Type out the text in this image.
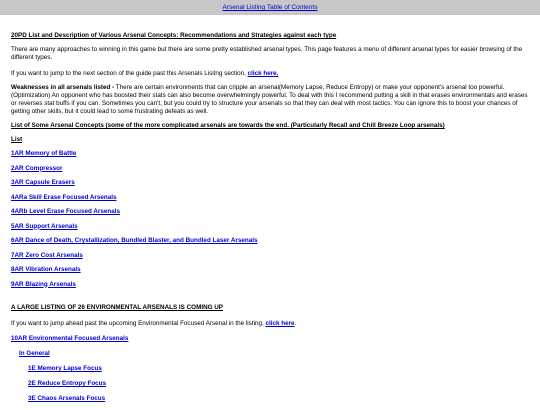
Arsenal Listing Table of Contents
20PD List and Description of Various Arsenal Concepts: Recommendations and Strategies against each type
There are many approaches to winning in this game but there are some pretty established arsenal types. This page features a menu of different arsenal types for easier browsing of the different types.
If you want to jump to the next section of the guide past this Arsenals Lisitng section, click here.
Weaknesses in all arsenals listed - There are certain environments that can cripple an arsenal(Memory Lapse, Reduce Entropy) or make your opponent's arsenal too powerful.(Optimization) An opponent who has boosted their stats can also become overwhelmingly powerful. To deal with this I recommend putting a skill in that erases environmentals and erases or reverses stat buffs if you can. Sometimes you can't, but you could try to structure your arsenals so that they can deal with most tactics. You can ignore this to boost your chances of getting other skills, but it could lead to some frustrating defeats as well.
List of Some Arsenal Concepts (some of the more complicated arsenals are towards the end. (Particularly Recall and Chill Breeze Loop arsenals)
List
1AR Memory of Battle
2AR Compressor
3AR Capsule Erasers
4ARa Skill Erase Focused Arsenals
4ARb Level Erase Focused Arsenals
5AR Support Arsenals
6AR Dance of Death, Crystallization, Bundled Blaster, and Bundled Laser Arsenals
7AR Zero Cost Arsenals
8AR Vibration Arsenals
9AR Blazing Arsenals
A LARGE LISTING OF 26 ENVIRONMENTAL ARSENALS IS COMING UP
If you want to jump ahead past the upcoming Environmental Focused Arsenal in the listing, click here.
10AR Environmental Focused Arsenals
In General
1E Memory Lapse Focus
2E Reduce Entropy Focus
3E Chaos Arsenals Focus
